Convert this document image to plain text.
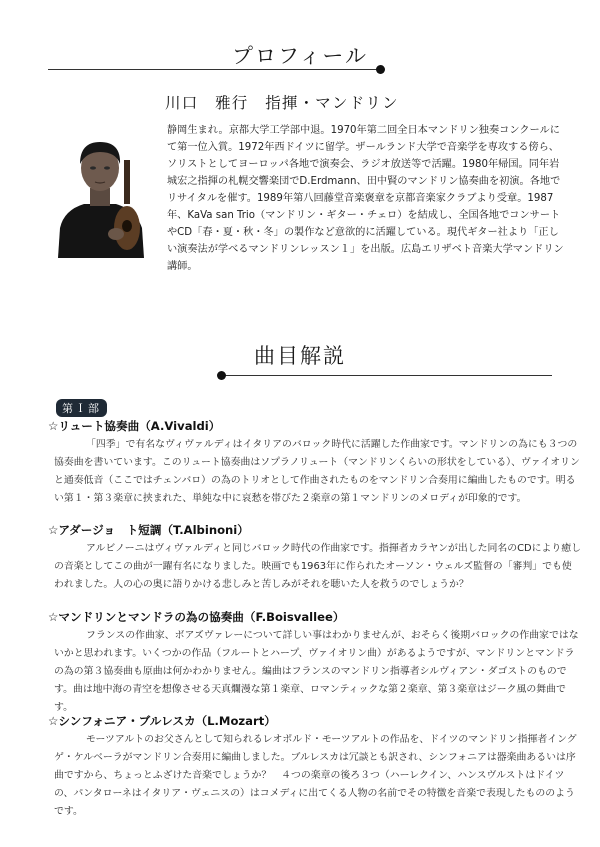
プロフィール
川口　雅行　指揮・マンドリン
静岡生まれ。京都大学工学部中退。1970年第二回全日本マンドリン独奏コンクールにて第一位入賞。1972年西ドイツに留学。ザールランド大学で音楽学を専攻する傍ら、ソリストとしてヨーロッパ各地で演奏会、ラジオ放送等で活躍。1980年帰国。同年岩城宏之指揮の札幌交響楽団でD.Erdmann、田中賢のマンドリン協奏曲を初演。各地でリサイタルを催す。1989年第八回藤堂音楽褒章を京都音楽家クラブより受章。1987年、KaVa san Trio（マンドリン・ギター・チェロ）を結成し、全国各地でコンサートやCD「春・夏・秋・冬」の製作など意欲的に活躍している。現代ギター社より「正しい演奏法が学べるマンドリンレッスン１」を出版。広島エリザベト音楽大学マンドリン講師。
曲目解説
第Ｉ部
☆リュート協奏曲（A.Vivaldi）
「四季」で有名なヴィヴァルディはイタリアのバロック時代に活躍した作曲家です。マンドリンの為にも３つの協奏曲を書いています。このリュート協奏曲はソプラノリュート（マンドリンくらいの形状をしている）、ヴァイオリンと通奏低音（ここではチェンバロ）の為のトリオとして作曲されたものをマンドリン合奏用に編曲したものです。明るい第１・第３楽章に挟まれた、単純な中に哀愁を帯びた２楽章の第１マンドリンのメロディが印象的です。
☆アダージョ　ト短調（T.Albinoni）
アルビノーニはヴィヴァルディと同じバロック時代の作曲家です。指揮者カラヤンが出した同名のCDにより癒しの音楽としてこの曲が一躍有名になりました。映画でも1963年に作られたオーソン・ウェルズ監督の「審判」でも使われました。人の心の奥に語りかける悲しみと苦しみがそれを聴いた人を救うのでしょうか？
☆マンドリンとマンドラの為の協奏曲（F.Boisvallee）
フランスの作曲家、ボアズヴァレーについて詳しい事はわかりませんが、おそらく後期バロックの作曲家ではないかと思われます。いくつかの作品（フルートとハープ、ヴァイオリン曲）があるようですが、マンドリンとマンドラの為の第３協奏曲も原曲は何かわかりません。編曲はフランスのマンドリン指導者シルヴィアン・ダゴストのものです。曲は地中海の青空を想像させる天真爛漫な第１楽章、ロマンティックな第２楽章、第３楽章はジーク風の舞曲です。
☆シンフォニア・ブルレスカ（L.Mozart）
モーツアルトのお父さんとして知られるレオポルド・モーツアルトの作品を、ドイツのマンドリン指揮者イングゲ・ケルベーラがマンドリン合奏用に編曲しました。ブルレスカは冗談とも訳され、シンフォニアは器楽曲あるいは序曲ですから、ちょっとふざけた音楽でしょうか？　４つの楽章の後ろ３つ（ハーレクイン、ハンスヴルストはドイツの、パンタローネはイタリア・ヴェニスの）はコメディに出てくる人物の名前でその特徴を音楽で表現したもののようです。
